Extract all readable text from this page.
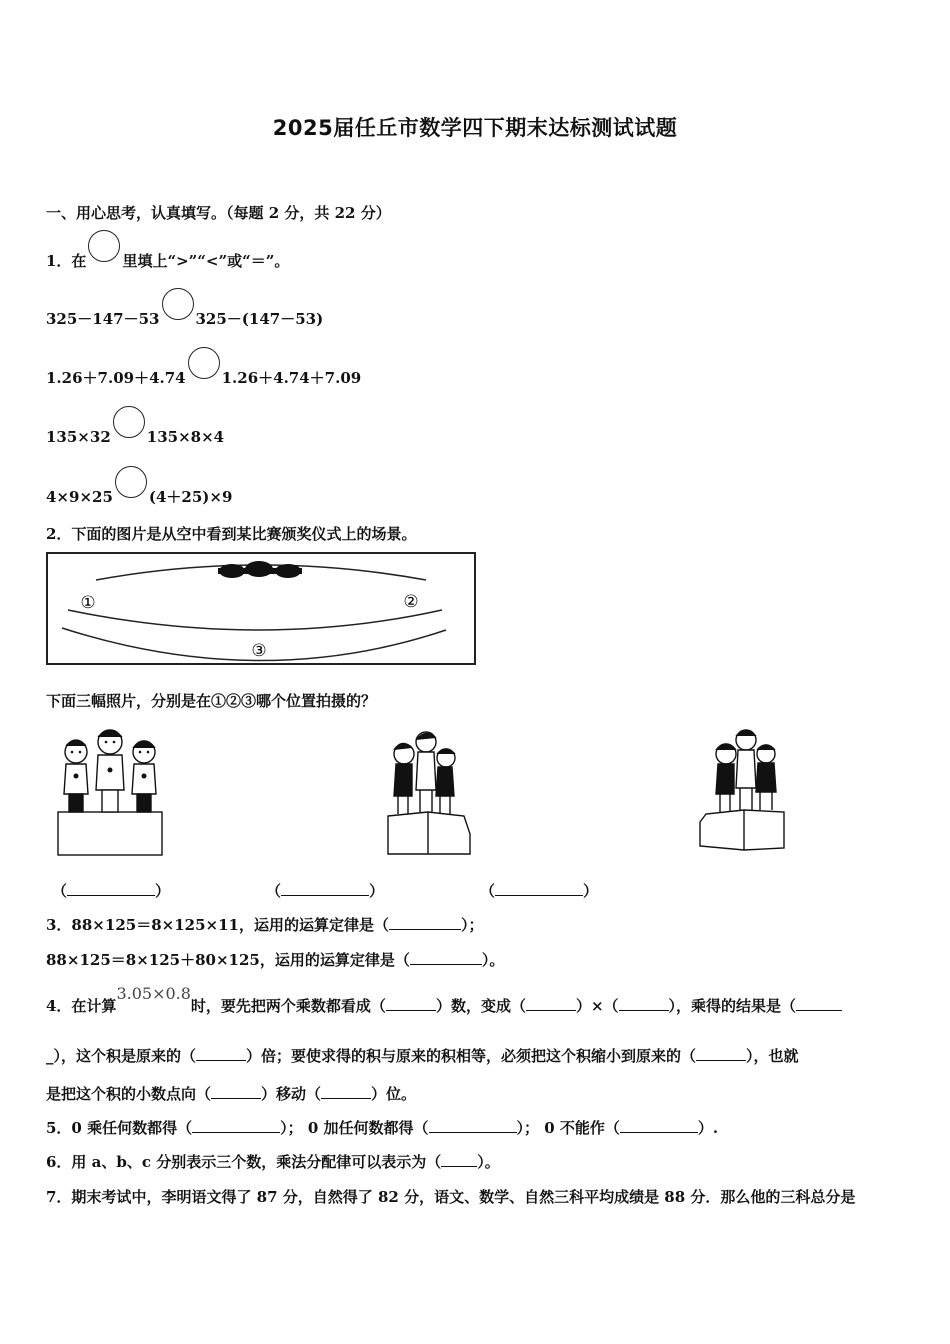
2025届任丘市数学四下期末达标测试试题
一、用心思考，认真填写。（每题 2 分，共 22 分）
1．在 里填上“>”“<”或“＝”。
325－147－53 325－(147－53)
1.26＋7.09＋4.74 1.26＋4.74＋7.09
135×32 135×8×4
4×9×25 (4＋25)×9
2．下面的图片是从空中看到某比赛颁奖仪式上的场景。
①	②
③
下面三幅照片，分别是在①②③哪个位置拍摄的？
（	）	（	）	（	）
3．88×125＝8×125×11，运用的运算定律是（	）；
88×125＝8×125＋80×125，运用的运算定律是（	）。
4．在计算3.05×0.8时，要先把两个乘数都看成（	）数，变成（	）×（	），乘得的结果是（
_），这个积是原来的（	）倍；要使求得的积与原来的积相等，必须把这个积缩小到原来的（	），也就
是把这个积的小数点向（	）移动（	）位。
5．0 乘任何数都得（	）； 0 加任何数都得（	）； 0 不能作（	）.
6．用 a、b、c 分别表示三个数，乘法分配律可以表示为（ ）。
7．期末考试中，李明语文得了 87 分，自然得了 82 分，语文、数学、自然三科平均成绩是 88 分．那么他的三科总分是
